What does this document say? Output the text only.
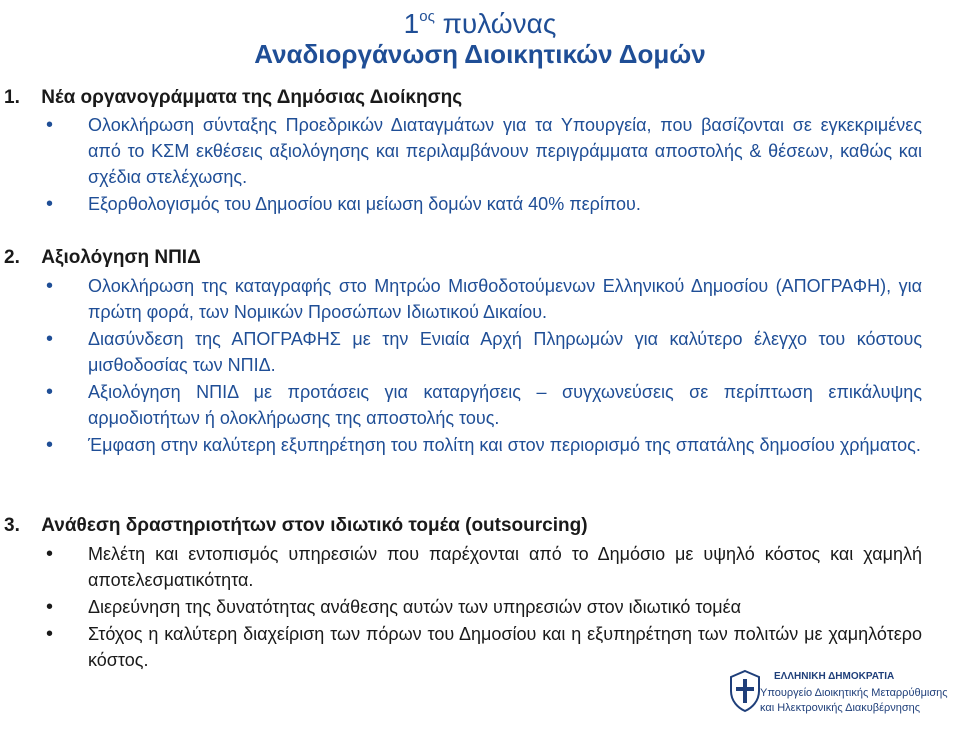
$1^{o\varsigma}$ πυλώνας
Αναδιοργάνωση Διοικητικών Δομών
1. Νέα οργανογράμματα της Δημόσιας Διοίκησης
• Ολοκλήρωση σύνταξης Προεδρικών Διαταγμάτων για τα Υπουργεία, που βασίζονται σε εγκεκριμένες από το ΚΣΜ εκθέσεις αξιολόγησης και περιλαμβάνουν περιγράμματα αποστολής & θέσεων, καθώς και σχέδια στελέχωσης.
• Εξορθολογισμός του Δημοσίου και μείωση δομών κατά 40% περίπου.
2. Αξιολόγηση ΝΠΙΔ
• Ολοκλήρωση της καταγραφής στο Μητρώο Μισθοδοτούμενων Ελληνικού Δημοσίου (ΑΠΟΓΡΑΦΗ), για πρώτη φορά, των Νομικών Προσώπων Ιδιωτικού Δικαίου.
• Διασύνδεση της ΑΠΟΓΡΑΦΗΣ με την Ενιαία Αρχή Πληρωμών για καλύτερο έλεγχο του κόστους μισθοδοσίας των ΝΠΙΔ.
• Αξιολόγηση ΝΠΙΔ με προτάσεις για καταργήσεις – συγχωνεύσεις σε περίπτωση επικάλυψης αρμοδιοτήτων ή ολοκλήρωσης της αποστολής τους.
• Έμφαση στην καλύτερη εξυπηρέτηση του πολίτη και στον περιορισμό της σπατάλης δημοσίου χρήματος.
3. Ανάθεση δραστηριοτήτων στον ιδιωτικό τομέα (outsourcing)
• Μελέτη και εντοπισμός υπηρεσιών που παρέχονται από το Δημόσιο με υψηλό κόστος και χαμηλή αποτελεσματικότητα.
• Διερεύνηση της δυνατότητας ανάθεσης αυτών των υπηρεσιών στον ιδιωτικό τομέα
• Στόχος η καλύτερη διαχείριση των πόρων του Δημοσίου και η εξυπηρέτηση των πολιτών με χαμηλότερο κόστος.
ΕΛΛΗΝΙΚΗ ΔΗΜΟΚΡΑΤΙΑ
Υπουργείο Διοικητικής Μεταρρύθμισης
και Ηλεκτρονικής Διακυβέρνησης
